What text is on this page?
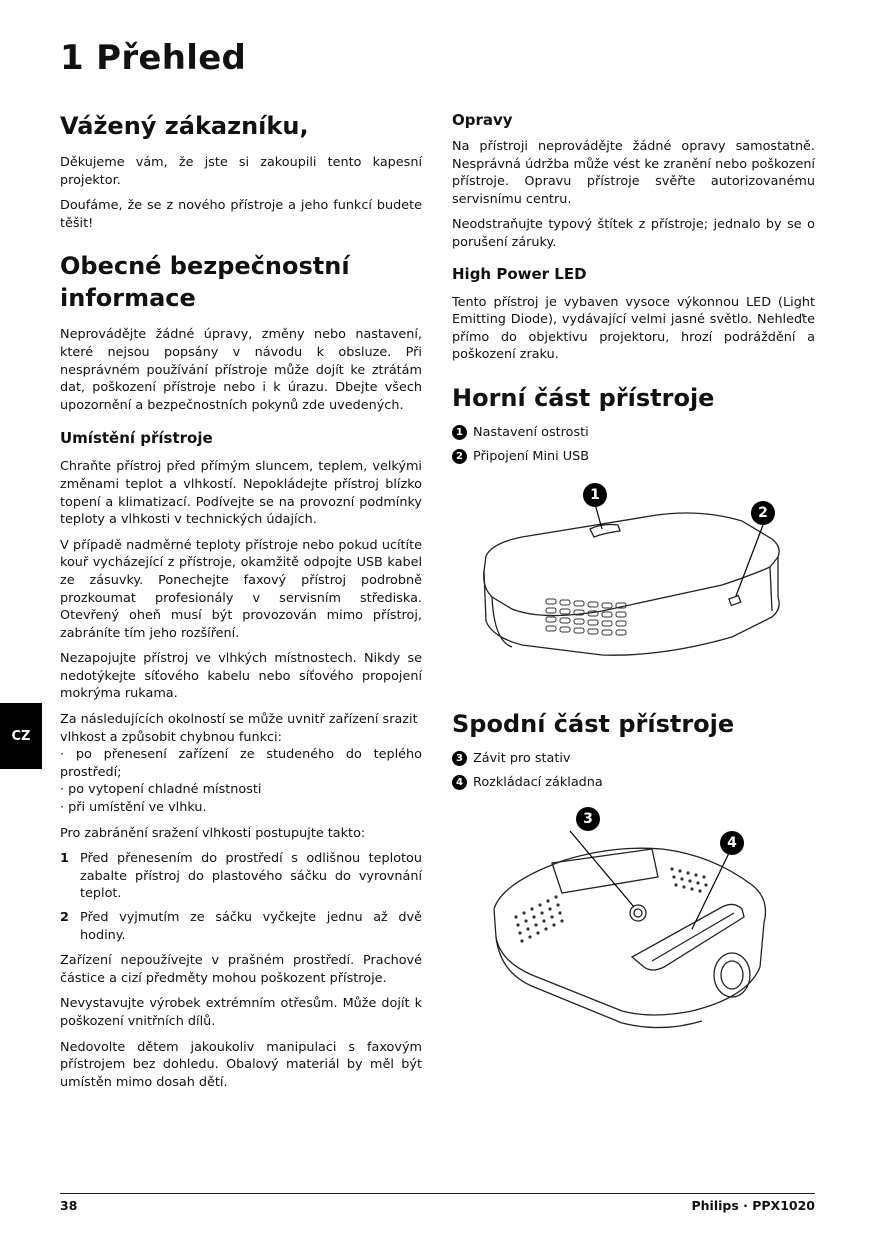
1 Přehled
CZ
Vážený zákazníku,

Děkujeme vám, že jste si zakoupili tento kapesní projektor.

Doufáme, že se z nového přístroje a jeho funkcí budete těšit!

Obecné bezpečnostní informace

Neprovádějte žádné úpravy, změny nebo nastavení, které nejsou popsány v návodu k obsluze. Při nesprávném používání přístroje může dojít ke ztrátám dat, poškození přístroje nebo i k úrazu. Dbejte všech upozornění a bezpečnostních pokynů zde uvedených.

Umístění přístroje

Chraňte přístroj před přímým sluncem, teplem, velkými změnami teplot a vlhkostí. Nepokládejte přístroj blízko topení a klimatizací. Podívejte se na provozní podmínky teploty a vlhkosti v technických údajích.

V případě nadměrné teploty přístroje nebo pokud ucítíte kouř vycházející z přístroje, okamžitě odpojte USB kabel ze zásuvky. Ponechejte faxový přístroj podrobně prozkoumat profesionály v servisním střediska. Otevřený oheň musí být provozován mimo přístroj, zabráníte tím jeho rozšíření.

Nezapojujte přístroj ve vlhkých místnostech. Nikdy se nedotýkejte síťového kabelu nebo síťového propojení mokrýma rukama.

Za následujících okolností se může uvnitř zařízení srazit vlhkost a způsobit chybnou funkci:

· po přenesení zařízení ze studeného do teplého prostředí;

· po vytopení chladné místnosti

· při umístění ve vlhku.

Pro zabránění sražení vlhkosti postupujte takto:

1 Před přenesením do prostředí s odlišnou teplotou zabalte přístroj do plastového sáčku do vyrovnání teplot.
2 Před vyjmutím ze sáčku vyčkejte jednu až dvě hodiny.

Zařízení nepoužívejte v prašném prostředí. Prachové částice a cizí předměty mohou poškozent přístroje.

Nevystavujte výrobek extrémním otřesům. Může dojít k poškození vnitřních dílů.

Nedovolte dětem jakoukoliv manipulaci s faxovým přístrojem bez dohledu. Obalový materiál by měl být umístěn mimo dosah dětí.

Opravy

Na přístroji neprovádějte žádné opravy samostatně. Nesprávná údržba může vést ke zranění nebo poškození přístroje. Opravu přístroje svěřte autorizovanému servisnímu centru.

Neodstraňujte typový štítek z přístroje; jednalo by se o porušení záruky.

High Power LED

Tento přístroj je vybaven vysoce výkonnou LED (Light Emitting Diode), vydávající velmi jasné světlo. Nehleďte přímo do objektivu projektoru, hrozí podráždění a poškození zraku.

Horní část přístroje
1 Nastavení ostrosti
2 Připojení Mini USB
1
2
Spodní část přístroje
3 Závit pro stativ
4 Rozkládací základna
3
4
38	Philips · PPX1020
